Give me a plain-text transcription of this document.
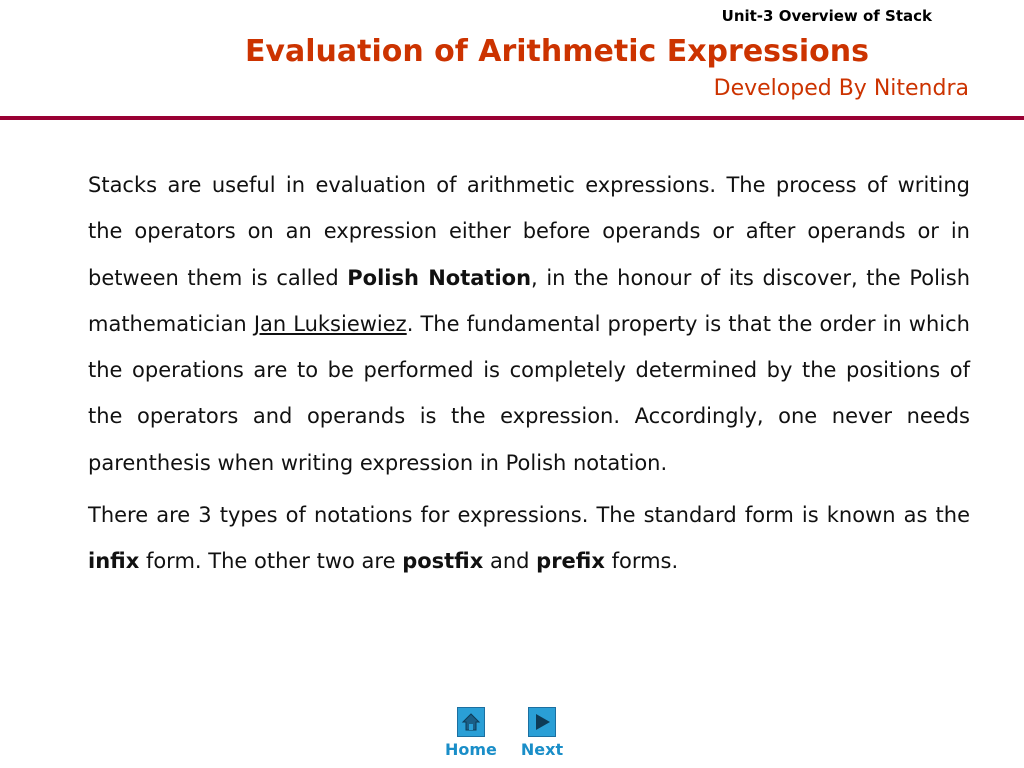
Unit-3 Overview of Stack
Evaluation of Arithmetic Expressions
Developed By Nitendra

Stacks are useful in evaluation of arithmetic expressions. The process of writing the operators on an expression either before operands or after operands or in between them is called Polish Notation, in the honour of its discover, the Polish mathematician Jan Luksiewiez. The fundamental property is that the order in which the operations are to be performed is completely determined by the positions of the operators and operands is the expression. Accordingly, one never needs parenthesis when writing expression in Polish notation.

There are 3 types of notations for expressions. The standard form is known as the infix form. The other two are postfix and prefix forms.

Home Next
